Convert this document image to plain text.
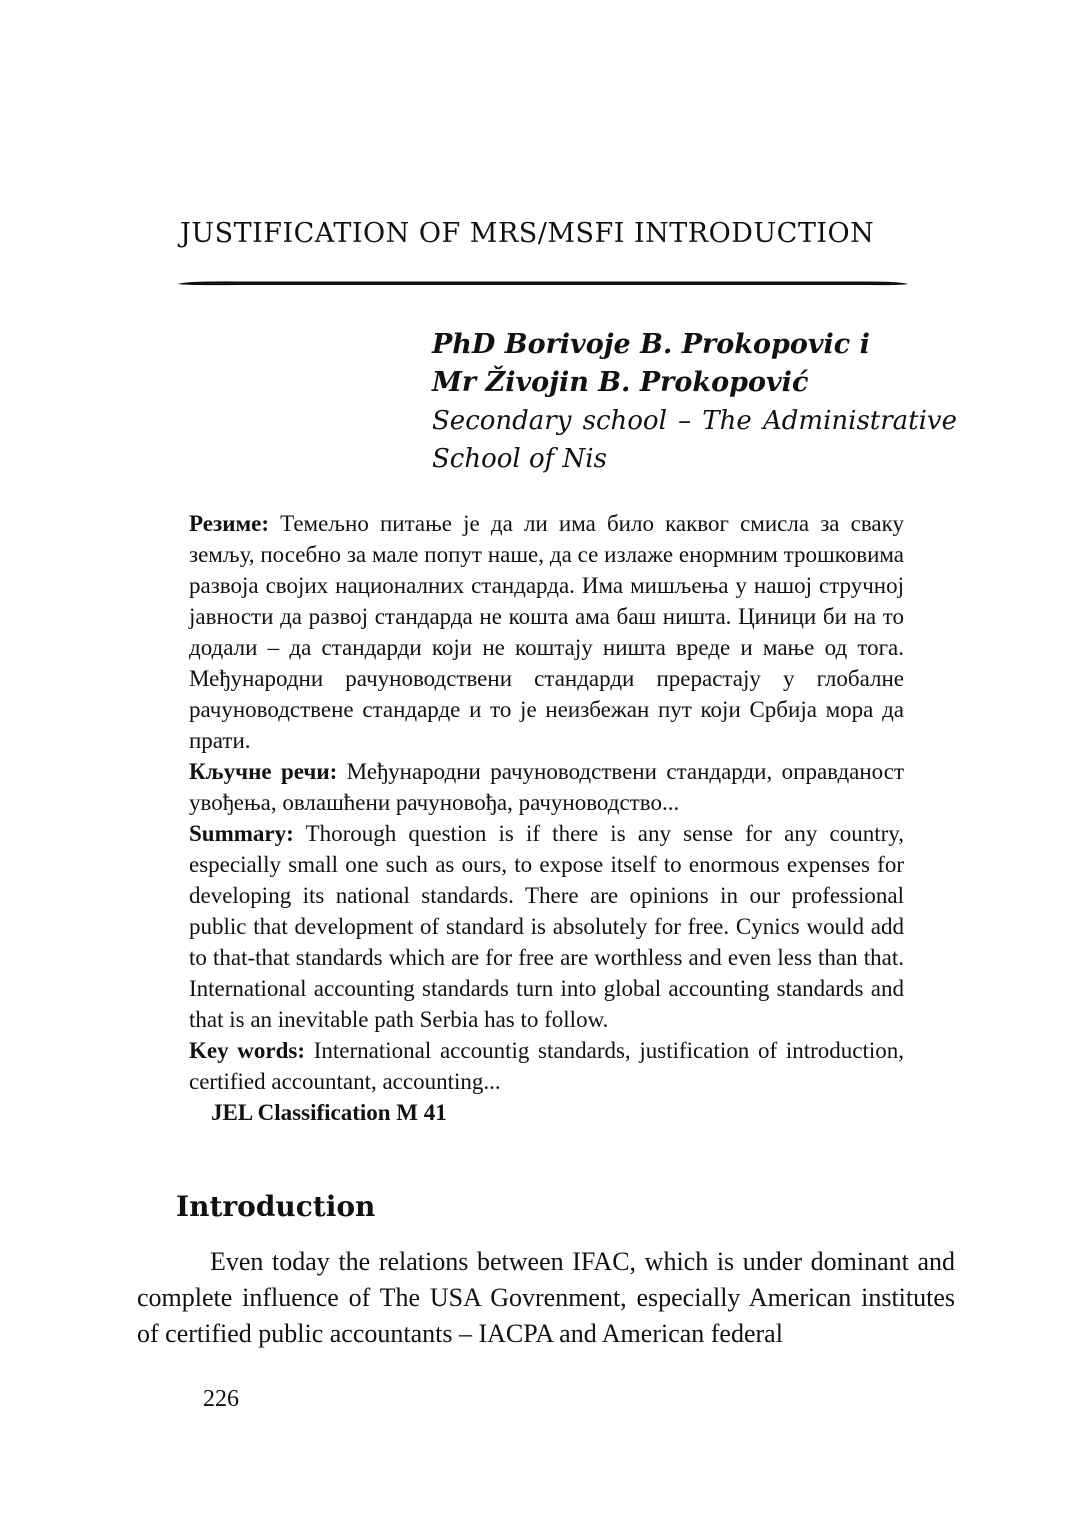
JUSTIFICATION OF MRS/MSFI INTRODUCTION
PhD Borivoje B. Prokopovic i
Mr Živojin B. Prokopović
Secondary school – The Administrative
School of Nis

Резиме: Темељно питање је да ли има било каквог смисла за сваку земљу, посебно за мале попут наше, да се излаже енормним трошковима развоја својих националних стандарда. Има мишљења у нашој стручној јавности да развој стандарда не кошта ама баш ништа. Циници би на то додали – да стандарди који не коштају ништа вреде и мање од тога. Међународни рачуноводствени стандарди прерастају у глобалне рачуноводствене стандарде и то је неизбежан пут који Србија мора да прати.

Кључне речи: Међународни рачуноводствени стандарди, оправданост увођења, овлашћени рачуновођа, рачуноводство...

Summary: Thorough question is if there is any sense for any country, especially small one such as ours, to expose itself to enormous expenses for developing its national standards. There are opinions in our professional public that development of standard is absolutely for free. Cynics would add to that-that standards which are for free are worthless and even less than that. International accounting standards turn into global accounting standards and that is an inevitable path Serbia has to follow.

Key words: International accountig standards, justification of introduction, certified accountant, accounting...

JEL Classification M 41

Introduction

Even today the relations between IFAC, which is under dominant and complete influence of The USA Govrenment, especially American institutes of certified public accountants – IACPA and American federal

226
